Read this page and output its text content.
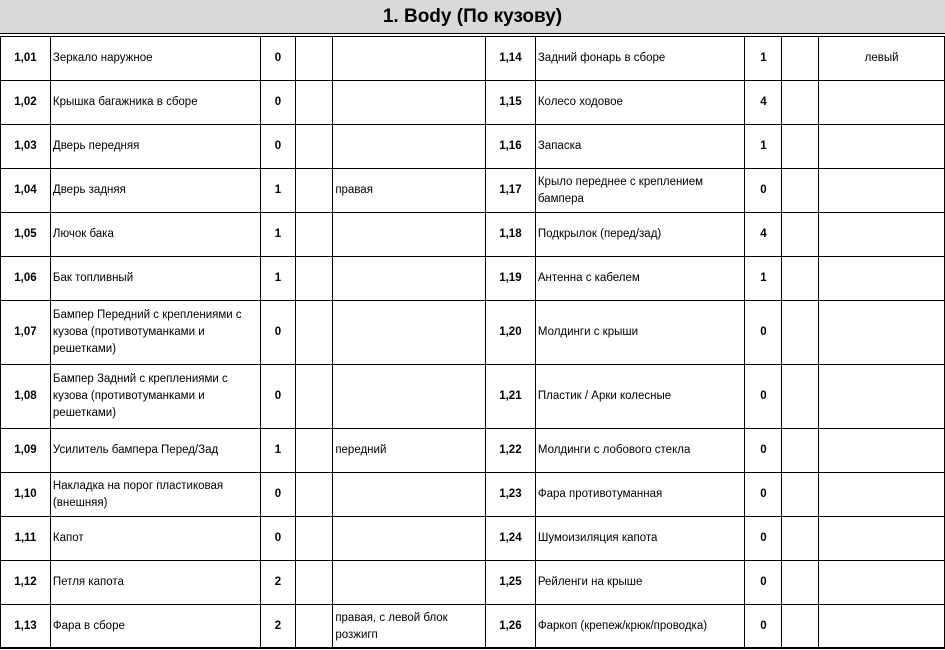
1. Body (По кузову)
1,01	Зеркало наружное	0			1,14	Задний фонарь в сборе	1		левый
1,02	Крышка багажника в сборе	0			1,15	Колесо ходовое	4		
1,03	Дверь передняя	0			1,16	Запаска	1		
1,04	Дверь задняя	1		правая	1,17	Крыло переднее с креплением бампера	0		
1,05	Лючок бака	1			1,18	Подкрылок (перед/зад)	4		
1,06	Бак топливный	1			1,19	Антенна с кабелем	1		
1,07	Бампер Передний с креплениями с кузова (противотуманками и решетками)	0			1,20	Молдинги с крыши	0		
1,08	Бампер Задний с креплениями с кузова (противотуманками и решетками)	0			1,21	Пластик / Арки колесные	0		
1,09	Усилитель бампера Перед/Зад	1		передний	1,22	Молдинги с лобового стекла	0		
1,10	Накладка на порог пластиковая (внешняя)	0			1,23	Фара противотуманная	0		
1,11	Капот	0			1,24	Шумоизиляция капота	0		
1,12	Петля капота	2			1,25	Рейленги на крыше	0		
1,13	Фара в сборе	2		правая, с левой блок розжигп	1,26	Фаркоп (крепеж/крюк/проводка)	0		
